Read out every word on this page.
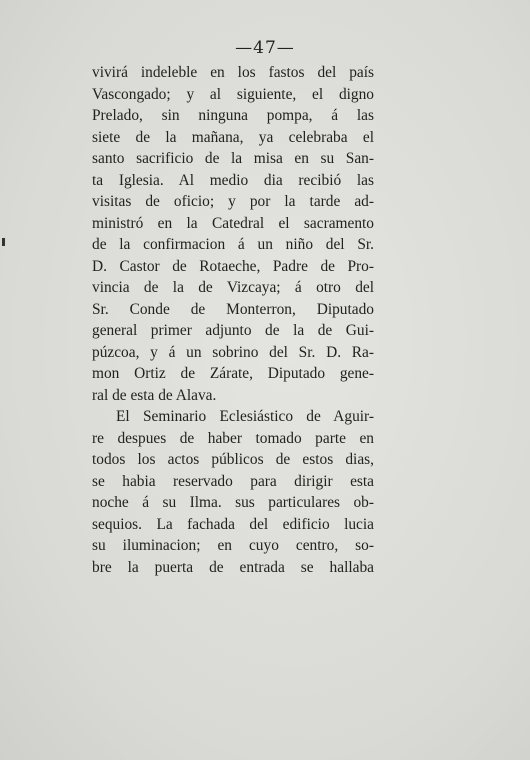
—47—
vivirá indeleble en los fastos del país
Vascongado; y al siguiente, el digno
Prelado, sin ninguna pompa, á las
siete de la mañana, ya celebraba el
santo sacrificio de la misa en su San-
ta Iglesia. Al medio dia recibió las
visitas de oficio; y por la tarde ad-
ministró en la Catedral el sacramento
de la confirmacion á un niño del Sr.
D. Castor de Rotaeche, Padre de Pro-
vincia de la de Vizcaya; á otro del
Sr. Conde de Monterron, Diputado
general primer adjunto de la de Gui-
púzcoa, y á un sobrino del Sr. D. Ra-
mon Ortiz de Zárate, Diputado gene-
ral de esta de Alava.
El Seminario Eclesiástico de Aguir-
re despues de haber tomado parte en
todos los actos públicos de estos dias,
se habia reservado para dirigir esta
noche á su Ilma. sus particulares ob-
sequios. La fachada del edificio lucia
su iluminacion; en cuyo centro, so-
bre la puerta de entrada se hallaba
